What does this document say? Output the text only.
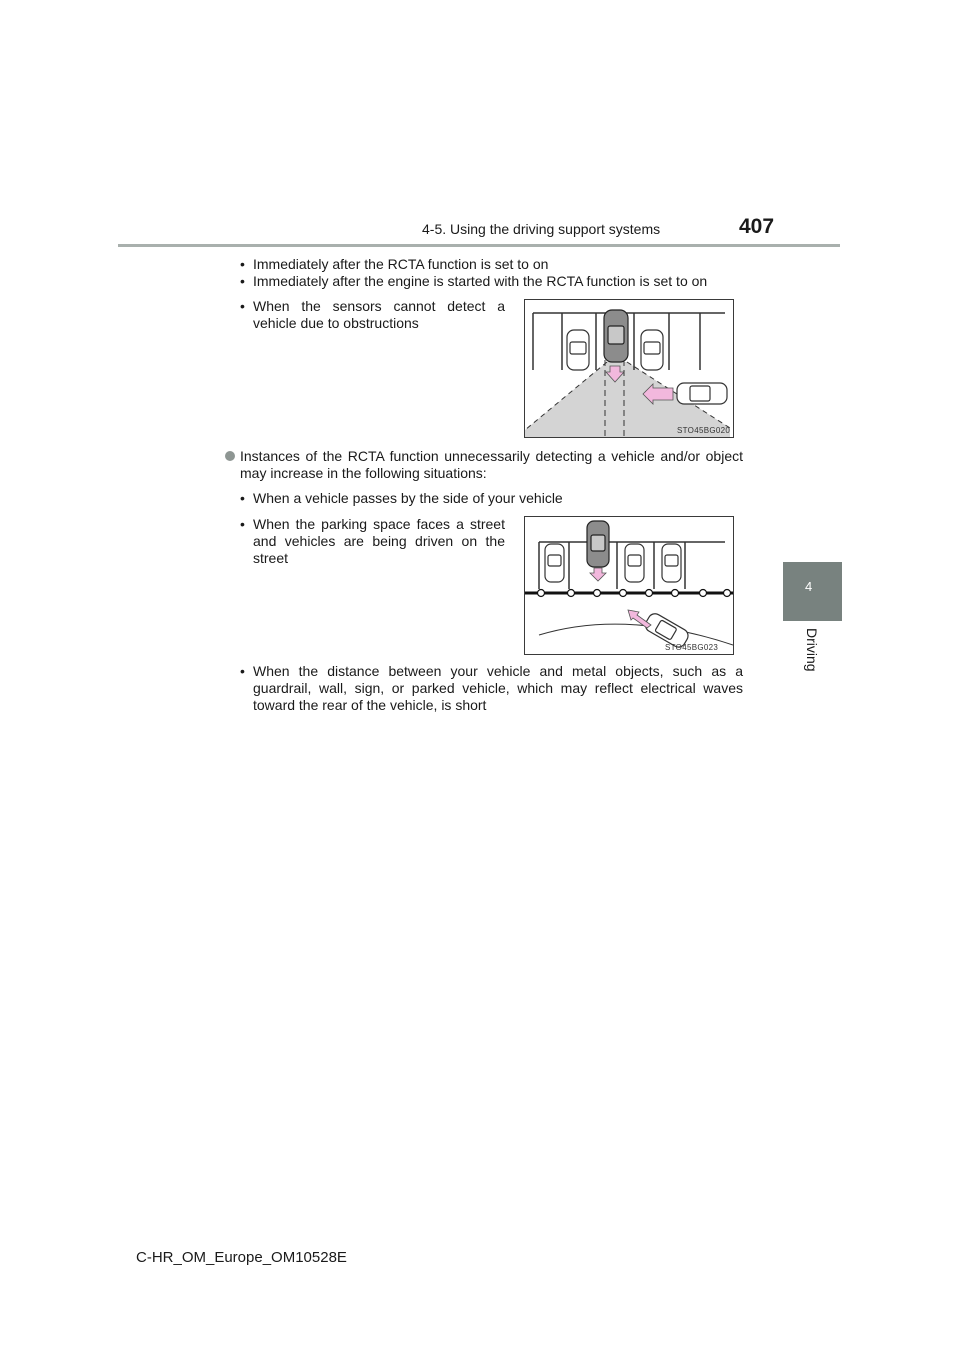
4-5. Using the driving support systems	407
4
Driving
• Immediately after the RCTA function is set to on
• Immediately after the engine is started with the RCTA function is set to on
• When the sensors cannot detect a vehicle due to obstructions
STO45BG020
Instances of the RCTA function unnecessarily detecting a vehicle and/or object may increase in the following situations:
• When a vehicle passes by the side of your vehicle
• When the parking space faces a street and vehicles are being driven on the street
STO45BG023
• When the distance between your vehicle and metal objects, such as a guardrail, wall, sign, or parked vehicle, which may reflect electrical waves toward the rear of the vehicle, is short
C-HR_OM_Europe_OM10528E
